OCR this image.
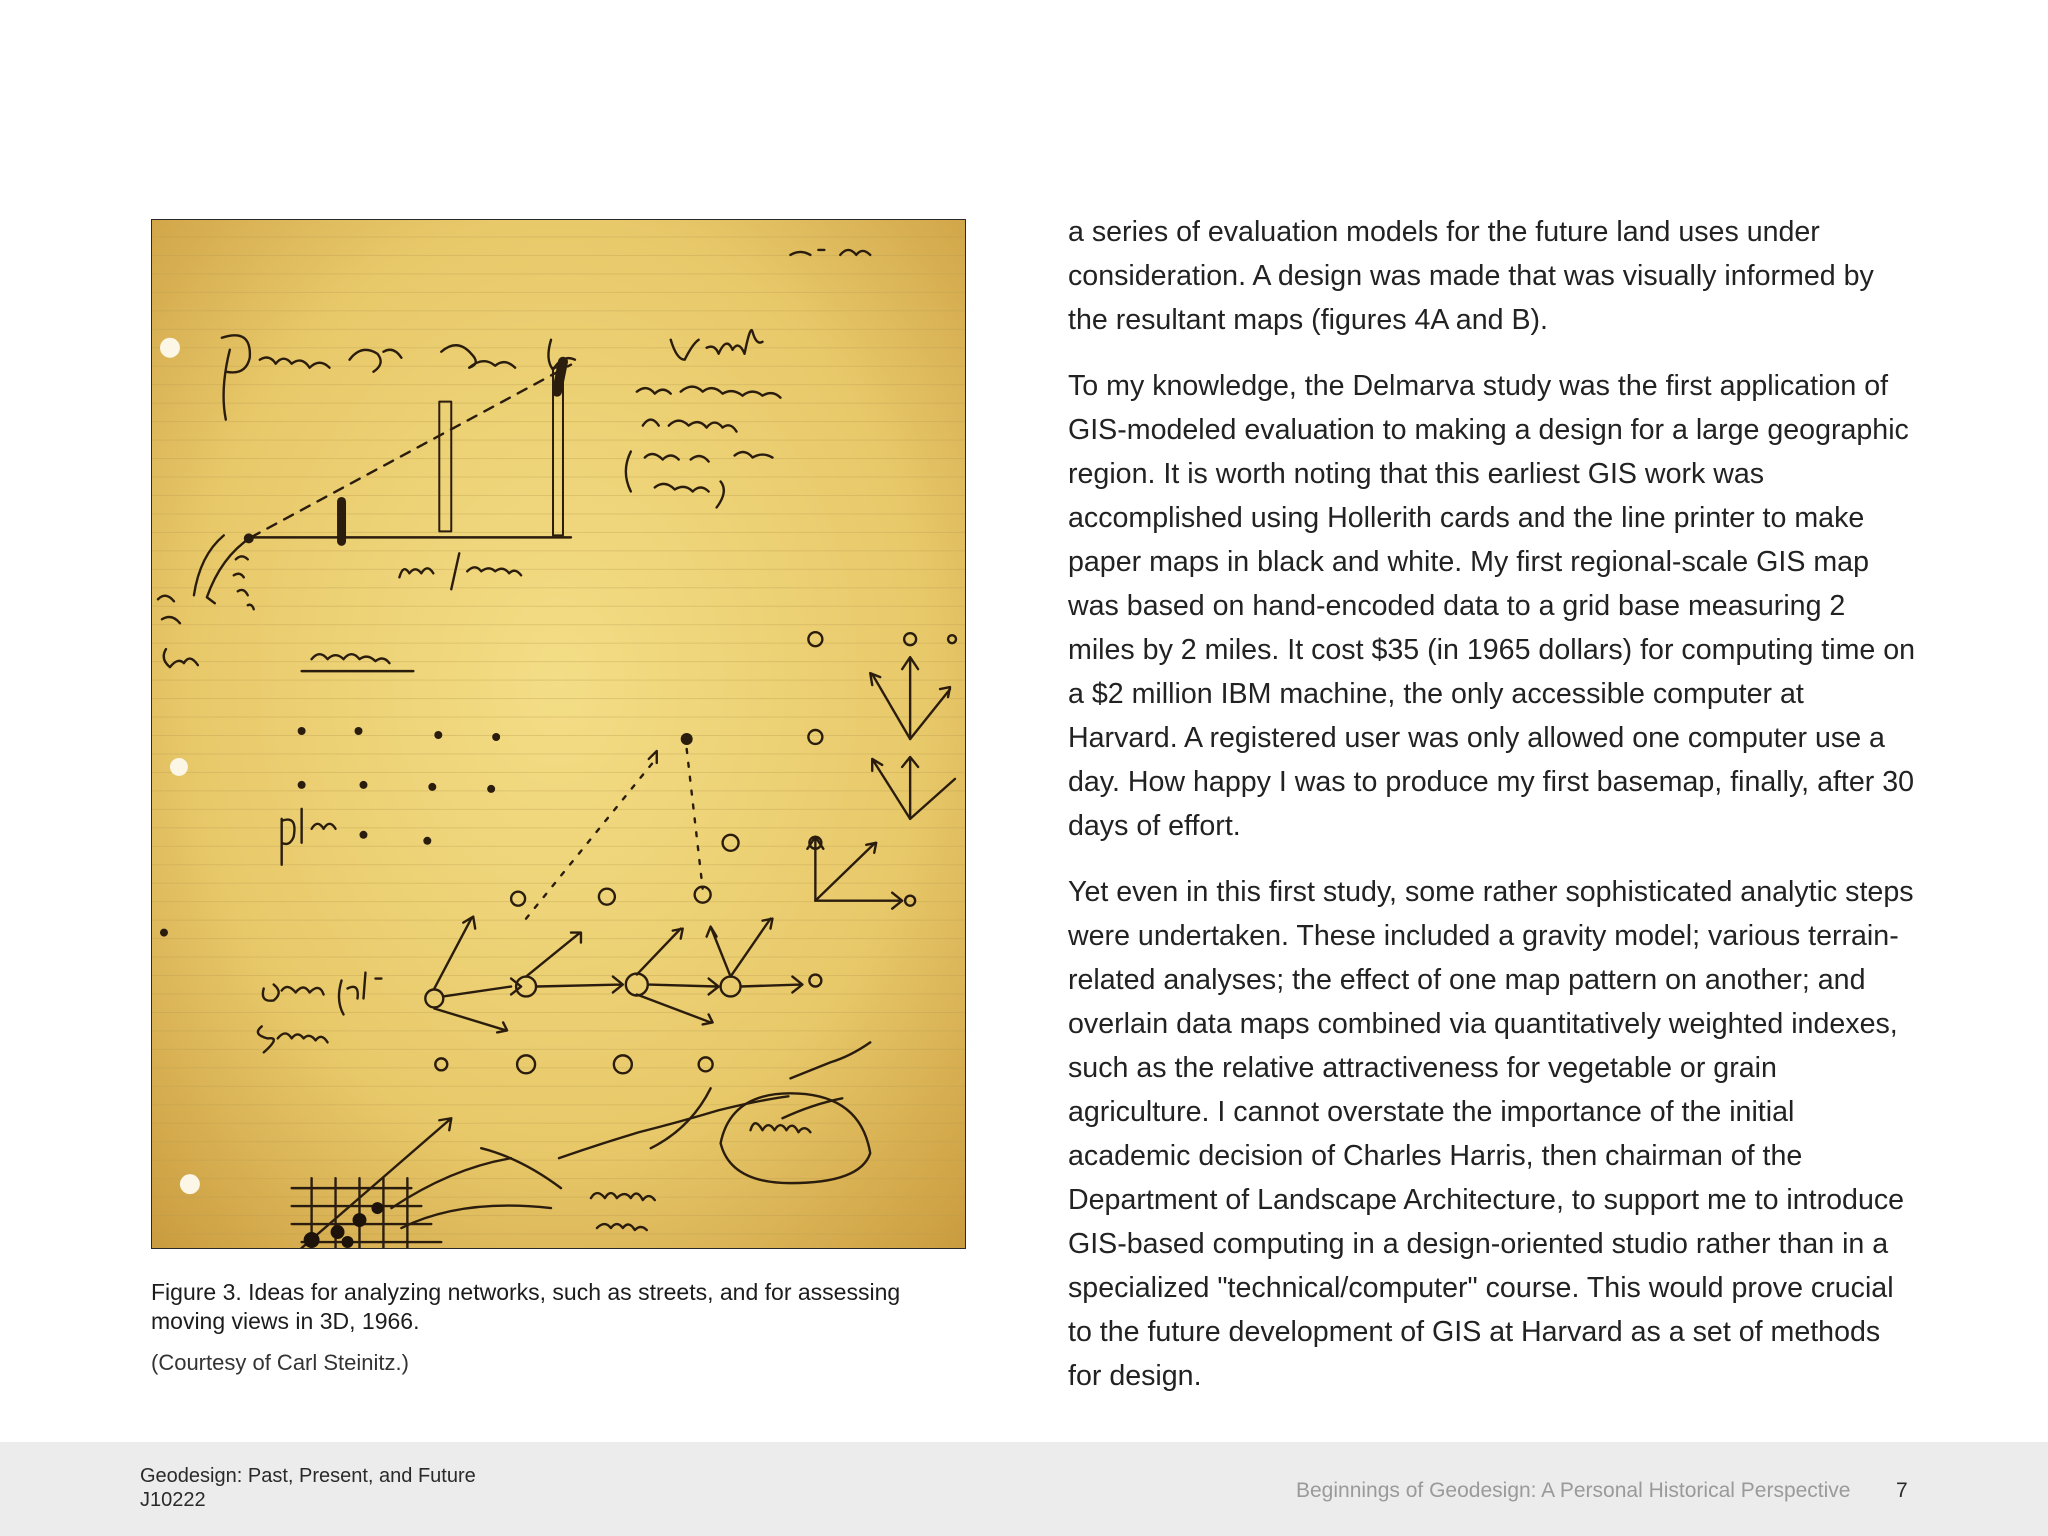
Figure 3. Ideas for analyzing networks, such as streets, and for assessing moving views in 3D, 1966.
(Courtesy of Carl Steinitz.)

a series of evaluation models for the future land uses under consideration. A design was made that was visually informed by the resultant maps (figures 4A and B).

To my knowledge, the Delmarva study was the first application of GIS-modeled evaluation to making a design for a large geographic region. It is worth noting that this earliest GIS work was accomplished using Hollerith cards and the line printer to make paper maps in black and white. My first regional-scale GIS map was based on hand-encoded data to a grid base measuring 2 miles by 2 miles. It cost $35 (in 1965 dollars) for computing time on a $2 million IBM machine, the only accessible computer at Harvard. A registered user was only allowed one computer use a day. How happy I was to produce my first basemap, finally, after 30 days of effort.

Yet even in this first study, some rather sophisticated analytic steps were undertaken. These included a gravity model; various terrain-related analyses; the effect of one map pattern on another; and overlain data maps combined via quantitatively weighted indexes, such as the relative attractiveness for vegetable or grain agriculture. I cannot overstate the importance of the initial academic decision of Charles Harris, then chairman of the Department of Landscape Architecture, to support me to introduce GIS-based computing in a design-oriented studio rather than in a specialized "technical/computer" course. This would prove crucial to the future development of GIS at Harvard as a set of methods for design.

Geodesign: Past, Present, and Future
J10222	Beginnings of Geodesign: A Personal Historical Perspective 7
